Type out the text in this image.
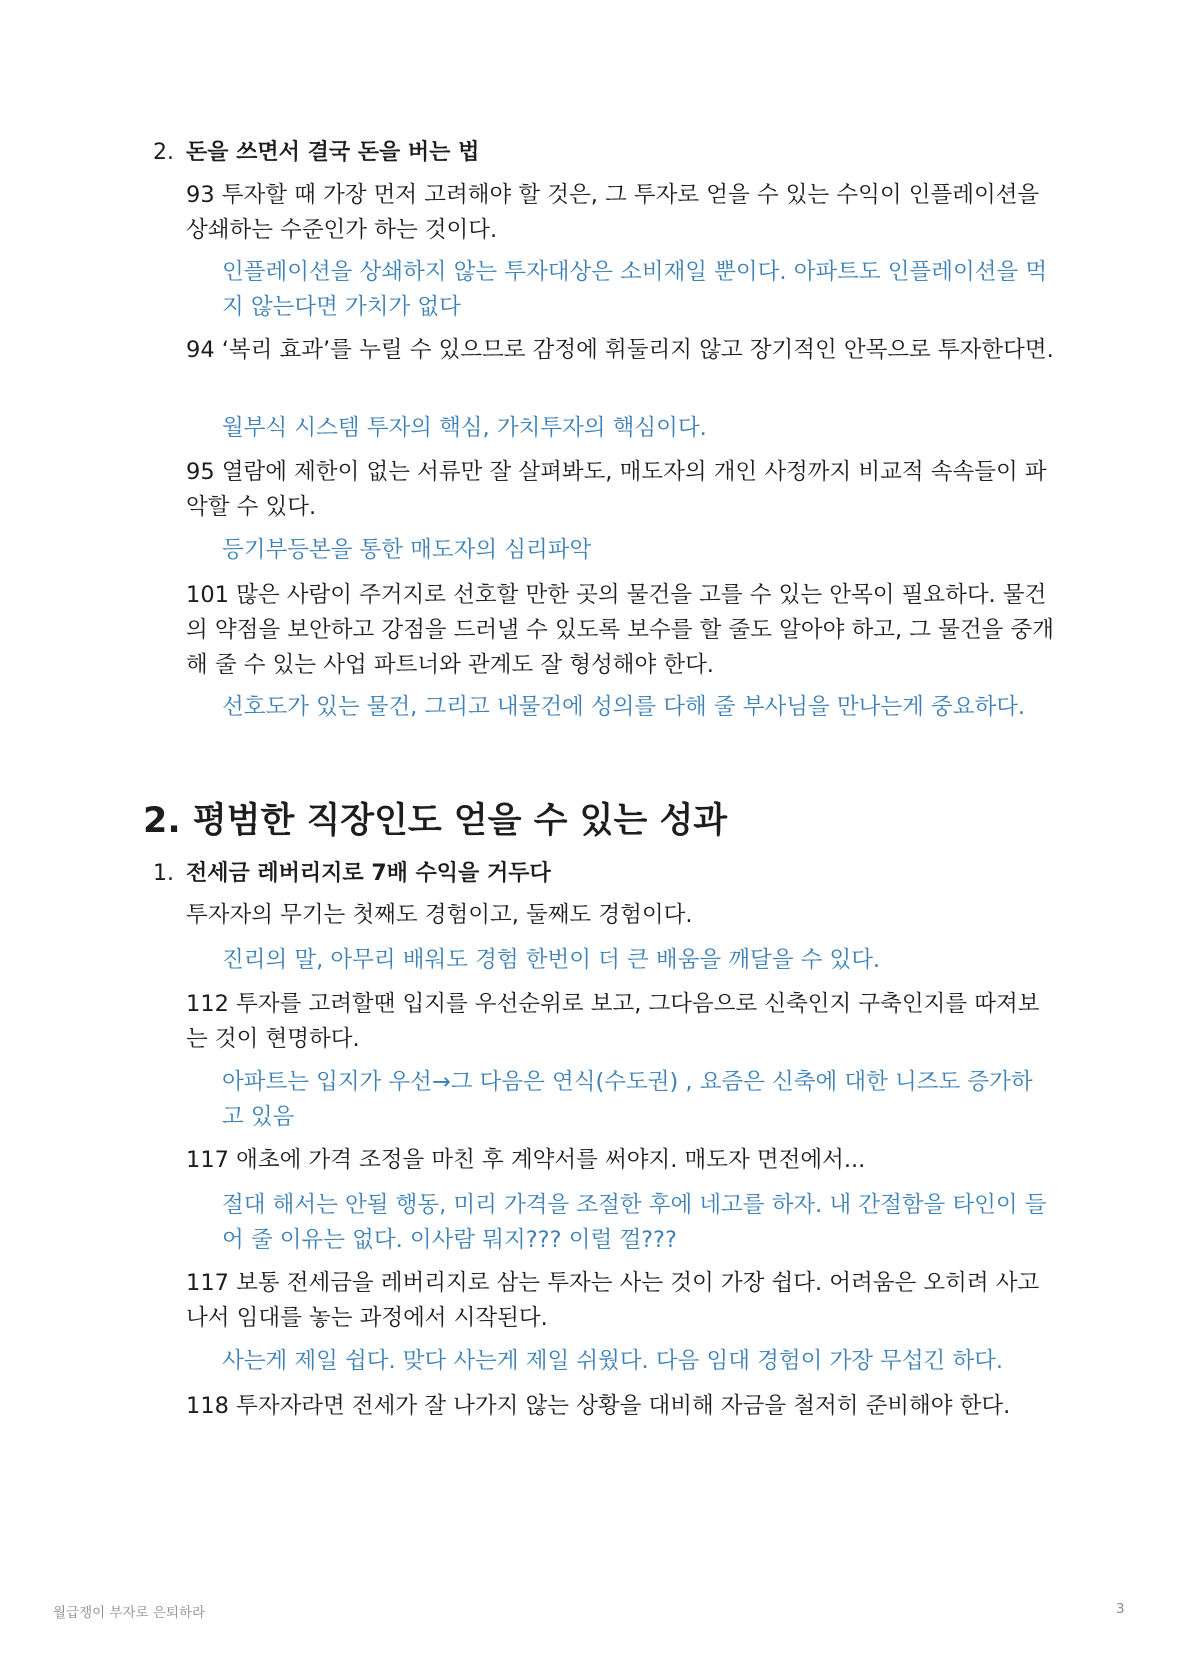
2. 돈을 쓰면서 결국 돈을 버는 법
93 투자할 때 가장 먼저 고려해야 할 것은, 그 투자로 얻을 수 있는 수익이 인플레이션을 상쇄하는 수준인가 하는 것이다.
인플레이션을 상쇄하지 않는 투자대상은 소비재일 뿐이다. 아파트도 인플레이션을 먹지 않는다면 가치가 없다
94 ‘복리 효과’를 누릴 수 있으므로 감정에 휘둘리지 않고 장기적인 안목으로 투자한다면.
월부식 시스템 투자의 핵심, 가치투자의 핵심이다.
95 열람에 제한이 없는 서류만 잘 살펴봐도, 매도자의 개인 사정까지 비교적 속속들이 파악할 수 있다.
등기부등본을 통한 매도자의 심리파악
101 많은 사람이 주거지로 선호할 만한 곳의 물건을 고를 수 있는 안목이 필요하다. 물건의 약점을 보안하고 강점을 드러낼 수 있도록 보수를 할 줄도 알아야 하고, 그 물건을 중개해 줄 수 있는 사업 파트너와 관계도 잘 형성해야 한다.
선호도가 있는 물건, 그리고 내물건에 성의를 다해 줄 부사님을 만나는게 중요하다.
2. 평범한 직장인도 얻을 수 있는 성과
1. 전세금 레버리지로 7배 수익을 거두다
투자자의 무기는 첫째도 경험이고, 둘째도 경험이다.
진리의 말, 아무리 배워도 경험 한번이 더 큰 배움을 깨달을 수 있다.
112 투자를 고려할땐 입지를 우선순위로 보고, 그다음으로 신축인지 구축인지를 따져보는 것이 현명하다.
아파트는 입지가 우선→그 다음은 연식(수도권) , 요즘은 신축에 대한 니즈도 증가하고 있음
117 애초에 가격 조정을 마친 후 계약서를 써야지. 매도자 면전에서...
절대 해서는 안될 행동, 미리 가격을 조절한 후에 네고를 하자. 내 간절함을 타인이 들어 줄 이유는 없다. 이사람 뭐지??? 이럴 껄???
117 보통 전세금을 레버리지로 삼는 투자는 사는 것이 가장 쉽다. 어려움은 오히려 사고 나서 임대를 놓는 과정에서 시작된다.
사는게 제일 쉽다. 맞다 사는게 제일 쉬웠다. 다음 임대 경험이 가장 무섭긴 하다.
118 투자자라면 전세가 잘 나가지 않는 상황을 대비해 자금을 철저히 준비해야 한다.
월급쟁이 부자로 은퇴하라	3
